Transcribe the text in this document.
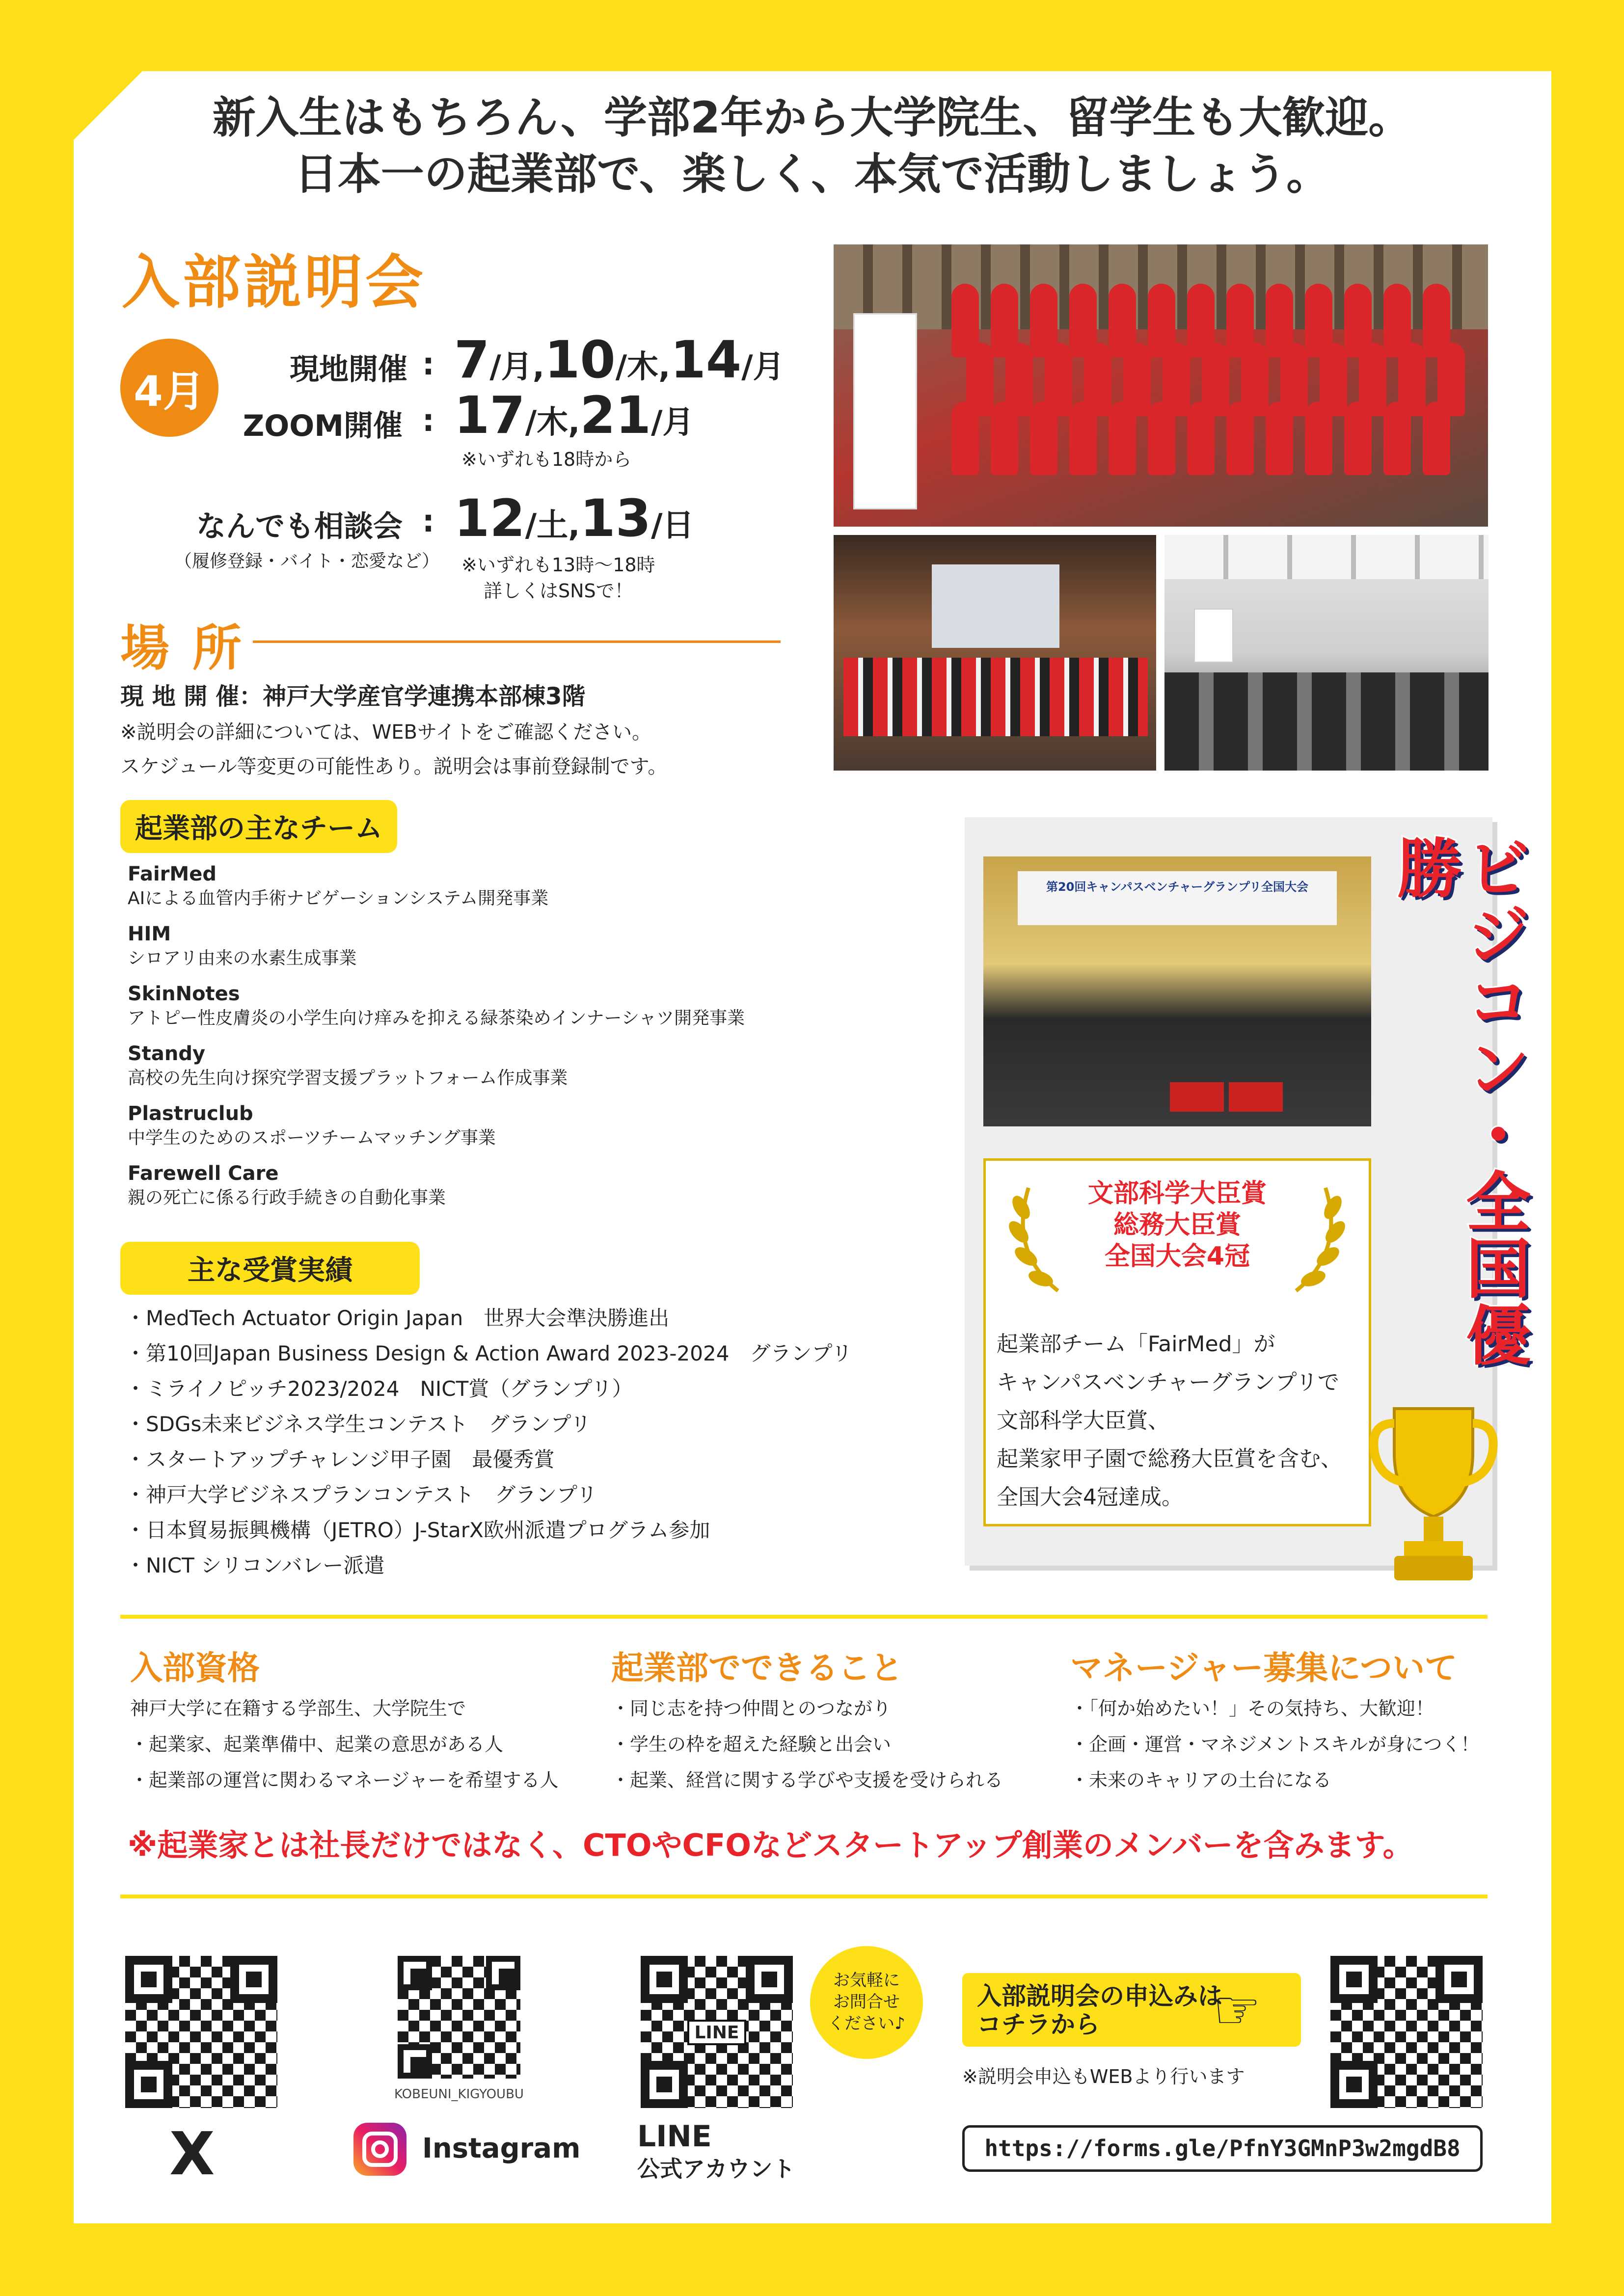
新入生はもちろん、学部2年から大学院生、留学生も大歓迎。
日本一の起業部で、楽しく、本気で活動しましょう。
入部説明会
4月	現地開催 : 7/月,10/木,14/月
ZOOM開催 : 17/木,21/月
※いずれも18時から
なんでも相談会
（履修登録・バイト・恋愛など）
: 12/土,13/日
※いずれも13時〜18時
詳しくはSNSで！
場 所
現 地 開 催：神戸大学産官学連携本部棟3階
※説明会の詳細については、WEBサイトをご確認ください。
スケジュール等変更の可能性あり。説明会は事前登録制です。
起業部の主なチーム
FairMed
AIによる血管内手術ナビゲーションシステム開発事業
HIM
シロアリ由来の水素生成事業
SkinNotes
アトピー性皮膚炎の小学生向け痒みを抑える緑茶染めインナーシャツ開発事業
Standy
高校の先生向け探究学習支援プラットフォーム作成事業
Plastruclub
中学生のためのスポーツチームマッチング事業
Farewell Care
親の死亡に係る行政手続きの自動化事業
主な受賞実績
・MedTech Actuator Origin Japan　世界大会準決勝進出
・第10回Japan Business Design & Action Award 2023-2024　グランプリ
・ミライノピッチ2023/2024　NICT賞（グランプリ）
・SDGs未来ビジネス学生コンテスト　グランプリ
・スタートアップチャレンジ甲子園　最優秀賞
・神戸大学ビジネスプランコンテスト　グランプリ
・日本貿易振興機構（JETRO）J-StarX欧州派遣プログラム参加
・NICT シリコンバレー派遣
第20回キャンパスベンチャーグランプリ全国大会	ビジコン・全国優勝
文部科学大臣賞
総務大臣賞
全国大会4冠
起業部チーム「FairMed」が
キャンパスベンチャーグランプリで
文部科学大臣賞、
起業家甲子園で総務大臣賞を含む、
全国大会4冠達成。
入部資格
神戸大学に在籍する学部生、大学院生で
・起業家、起業準備中、起業の意思がある人
・起業部の運営に関わるマネージャーを希望する人
起業部でできること
・同じ志を持つ仲間とのつながり
・学生の枠を超えた経験と出会い
・起業、経営に関する学びや支援を受けられる
マネージャー募集について
・「何か始めたい！」その気持ち、大歓迎！
・企画・運営・マネジメントスキルが身につく！
・未来のキャリアの土台になる
※起業家とは社長だけではなく、CTOやCFOなどスタートアップ創業のメンバーを含みます。
X
KOBEUNI_KIGYOUBU
Instagram
LINE
LINE
公式アカウント
お気軽に
お問合せ
ください♪
入部説明会の申込みは
コチラから	☞
※説明会申込もWEBより行います
https://forms.gle/PfnY3GMnP3w2mgdB8
